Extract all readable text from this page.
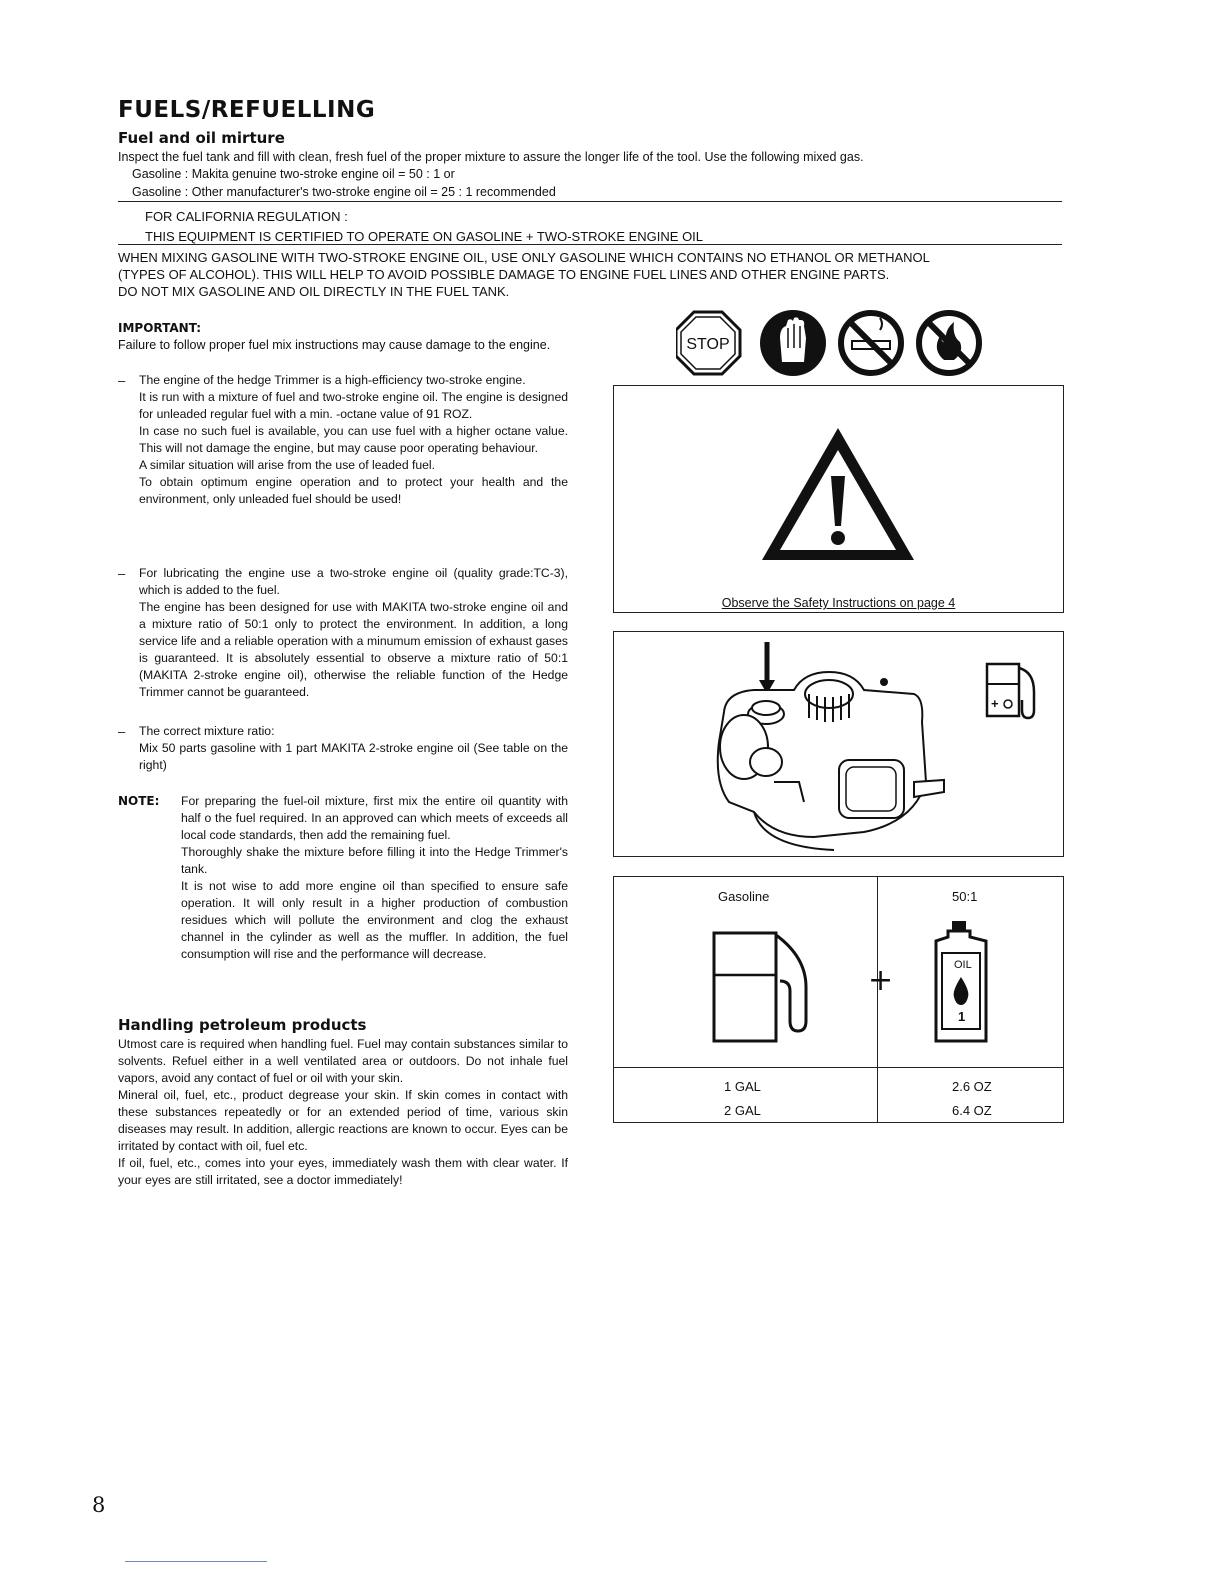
FUELS/REFUELLING
Fuel and oil mirture
Inspect the fuel tank and fill with clean, fresh fuel of the proper mixture to assure the longer life of the tool. Use the following mixed gas.
Gasoline : Makita genuine two-stroke engine oil = 50 : 1 or
Gasoline : Other manufacturer's two-stroke engine oil = 25 : 1 recommended
FOR CALIFORNIA REGULATION :
THIS EQUIPMENT IS CERTIFIED TO OPERATE ON GASOLINE + TWO-STROKE ENGINE OIL
WHEN MIXING GASOLINE WITH TWO-STROKE ENGINE OIL, USE ONLY GASOLINE WHICH CONTAINS NO ETHANOL OR METHANOL
(TYPES OF ALCOHOL). THIS WILL HELP TO AVOID POSSIBLE DAMAGE TO ENGINE FUEL LINES AND OTHER ENGINE PARTS.
DO NOT MIX GASOLINE AND OIL DIRECTLY IN THE FUEL TANK.
IMPORTANT:
Failure to follow proper fuel mix instructions may cause damage to the engine.
– The engine of the hedge Trimmer is a high-efficiency two-stroke engine.

It is run with a mixture of fuel and two-stroke engine oil. The engine is designed for unleaded regular fuel with a min. -octane value of 91 ROZ.

In case no such fuel is available, you can use fuel with a higher octane value. This will not damage the engine, but may cause poor operating behaviour.

A similar situation will arise from the use of leaded fuel.

To obtain optimum engine operation and to protect your health and the environment, only unleaded fuel should be used!

– For lubricating the engine use a two-stroke engine oil (quality grade:TC-3), which is added to the fuel.

The engine has been designed for use with MAKITA two-stroke engine oil and a mixture ratio of 50:1 only to protect the environment. In addition, a long service life and a reliable operation with a minumum emission of exhaust gases is guaranteed. It is absolutely essential to observe a mixture ratio of 50:1 (MAKITA 2-stroke engine oil), otherwise the reliable function of the Hedge Trimmer cannot be guaranteed.

– The correct mixture ratio:

Mix 50 parts gasoline with 1 part MAKITA 2-stroke engine oil (See table on the right)

NOTE: For preparing the fuel-oil mixture, first mix the entire oil quantity with half o the fuel required. In an approved can which meets of exceeds all local code standards, then add the remaining fuel.

Thoroughly shake the mixture before filling it into the Hedge Trimmer's tank.

It is not wise to add more engine oil than specified to ensure safe operation. It will only result in a higher production of combustion residues which will pollute the environment and clog the exhaust channel in the cylinder as well as the muffler. In addition, the fuel consumption will rise and the performance will decrease.

Handling petroleum products

Utmost care is required when handling fuel. Fuel may contain substances similar to solvents. Refuel either in a well ventilated area or outdoors. Do not inhale fuel vapors, avoid any contact of fuel or oil with your skin.

Mineral oil, fuel, etc., product degrease your skin. If skin comes in contact with these substances repeatedly or for an extended period of time, various skin diseases may result. In addition, allergic reactions are known to occur. Eyes can be irritated by contact with oil, fuel etc.

If oil, fuel, etc., comes into your eyes, immediately wash them with clear water. If your eyes are still irritated, see a doctor immediately!

STOP
Observe the Safety Instructions on page 4
+
Gasoline	50:1
+	OIL
1
1 GAL	2.6 OZ
2 GAL	6.4 OZ
8
